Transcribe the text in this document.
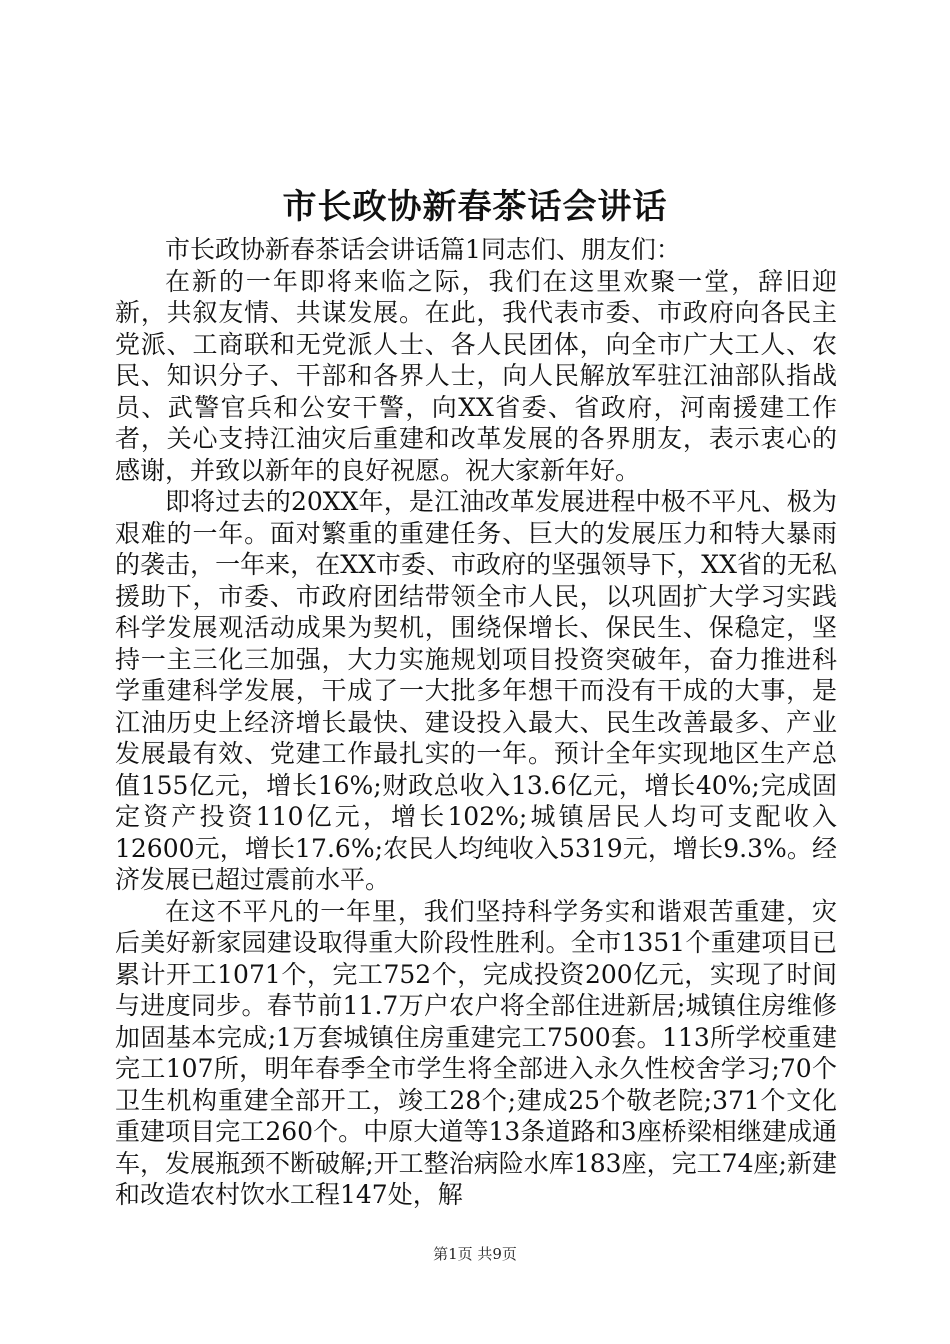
市长政协新春茶话会讲话

市长政协新春茶话会讲话篇1同志们、朋友们：

在新的一年即将来临之际，我们在这里欢聚一堂，辞旧迎新，共叙友情、共谋发展。在此，我代表市委、市政府向各民主党派、工商联和无党派人士、各人民团体，向全市广大工人、农民、知识分子、干部和各界人士，向人民解放军驻江油部队指战员、武警官兵和公安干警，向XX省委、省政府，河南援建工作者，关心支持江油灾后重建和改革发展的各界朋友，表示衷心的感谢，并致以新年的良好祝愿。祝大家新年好。

即将过去的20XX年，是江油改革发展进程中极不平凡、极为艰难的一年。面对繁重的重建任务、巨大的发展压力和特大暴雨的袭击，一年来，在XX市委、市政府的坚强领导下，XX省的无私援助下，市委、市政府团结带领全市人民，以巩固扩大学习实践科学发展观活动成果为契机，围绕保增长、保民生、保稳定，坚持一主三化三加强，大力实施规划项目投资突破年，奋力推进科学重建科学发展，干成了一大批多年想干而没有干成的大事，是江油历史上经济增长最快、建设投入最大、民生改善最多、产业发展最有效、党建工作最扎实的一年。预计全年实现地区生产总值155亿元，增长16%;财政总收入13.6亿元，增长40%;完成固定资产投资110亿元，增长102%;城镇居民人均可支配收入12600元，增长17.6%;农民人均纯收入5319元，增长9.3%。经济发展已超过震前水平。

在这不平凡的一年里，我们坚持科学务实和谐艰苦重建，灾后美好新家园建设取得重大阶段性胜利。全市1351个重建项目已累计开工1071个，完工752个，完成投资200亿元，实现了时间与进度同步。春节前11.7万户农户将全部住进新居;城镇住房维修加固基本完成;1万套城镇住房重建完工7500套。113所学校重建完工107所，明年春季全市学生将全部进入永久性校舍学习;70个卫生机构重建全部开工，竣工28个;建成25个敬老院;371个文化重建项目完工260个。中原大道等13条道路和3座桥梁相继建成通车，发展瓶颈不断破解;开工整治病险水库183座，完工74座;新建和改造农村饮水工程147处，解

第1页 共9页
